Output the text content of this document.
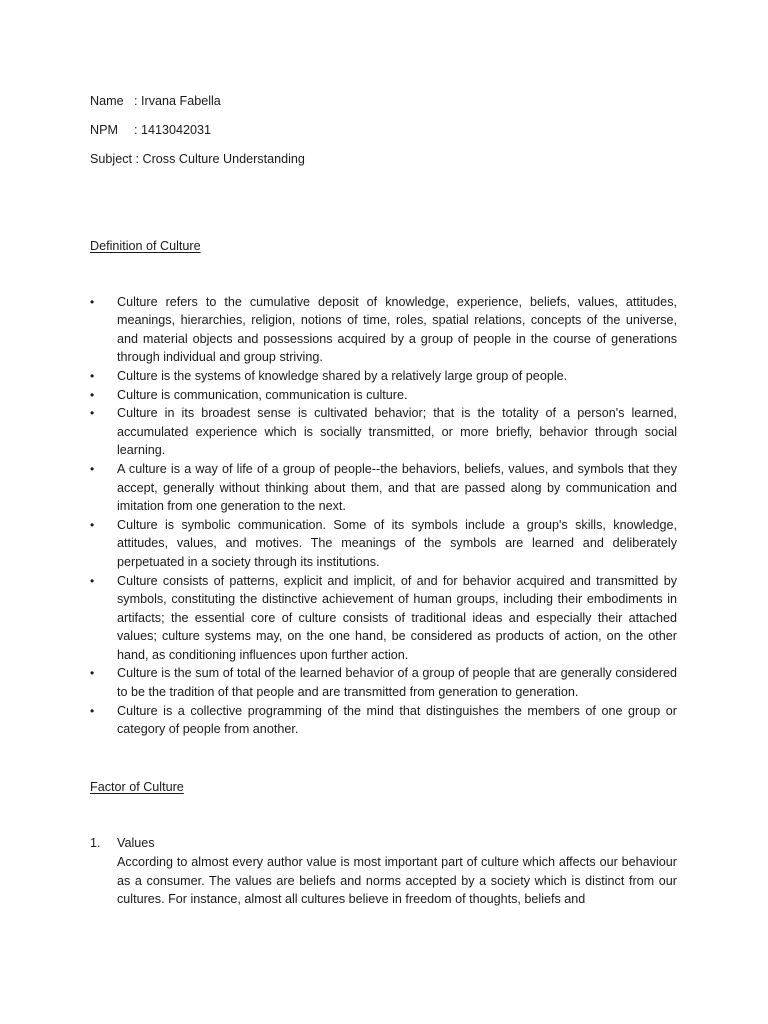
Name : Irvana Fabella
NPM : 1413042031
Subject : Cross Culture Understanding
Definition of Culture
•	Culture refers to the cumulative deposit of knowledge, experience, beliefs, values, attitudes, meanings, hierarchies, religion, notions of time, roles, spatial relations, concepts of the universe, and material objects and possessions acquired by a group of people in the course of generations through individual and group striving.
•	Culture is the systems of knowledge shared by a relatively large group of people.
•	Culture is communication, communication is culture.
•	Culture in its broadest sense is cultivated behavior; that is the totality of a person's learned, accumulated experience which is socially transmitted, or more briefly, behavior through social learning.
•	A culture is a way of life of a group of people--the behaviors, beliefs, values, and symbols that they accept, generally without thinking about them, and that are passed along by communication and imitation from one generation to the next.
•	Culture is symbolic communication. Some of its symbols include a group's skills, knowledge, attitudes, values, and motives. The meanings of the symbols are learned and deliberately perpetuated in a society through its institutions.
•	Culture consists of patterns, explicit and implicit, of and for behavior acquired and transmitted by symbols, constituting the distinctive achievement of human groups, including their embodiments in artifacts; the essential core of culture consists of traditional ideas and especially their attached values; culture systems may, on the one hand, be considered as products of action, on the other hand, as conditioning influences upon further action.
•	Culture is the sum of total of the learned behavior of a group of people that are generally considered to be the tradition of that people and are transmitted from generation to generation.
•	Culture is a collective programming of the mind that distinguishes the members of one group or category of people from another.
Factor of Culture
1. Values
According to almost every author value is most important part of culture which affects our behaviour as a consumer. The values are beliefs and norms accepted by a society which is distinct from our cultures. For instance, almost all cultures believe in freedom of thoughts, beliefs and
